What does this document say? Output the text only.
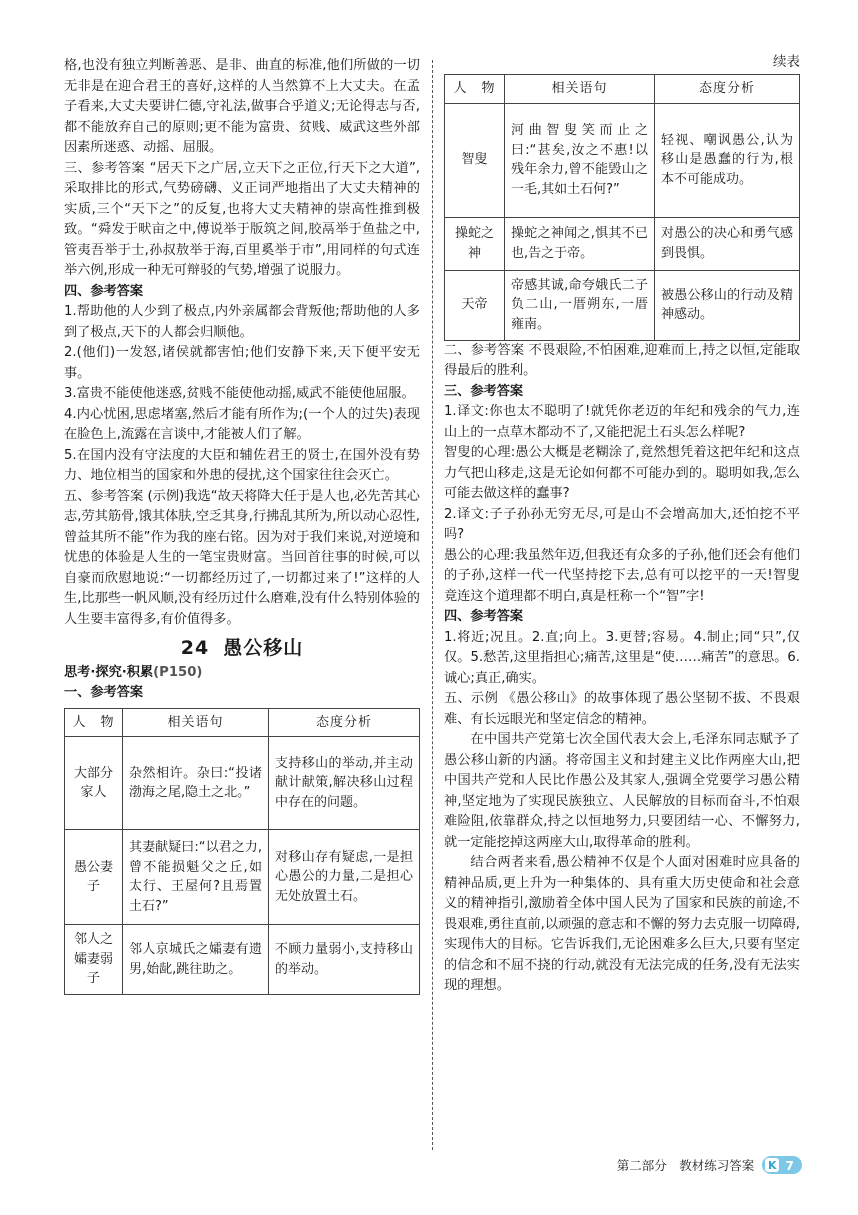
格,也没有独立判断善恶、是非、曲直的标准,他们所做的一切无非是在迎合君王的喜好,这样的人当然算不上大丈夫。在孟子看来,大丈夫要讲仁德,守礼法,做事合乎道义;无论得志与否,都不能放弃自己的原则;更不能为富贵、贫贱、威武这些外部因素所迷惑、动摇、屈服。

三、参考答案 “居天下之广居,立天下之正位,行天下之大道”,采取排比的形式,气势磅礴、义正词严地指出了大丈夫精神的实质,三个“天下之”的反复,也将大丈夫精神的崇高性推到极致。“舜发于畎亩之中,傅说举于版筑之间,胶鬲举于鱼盐之中,管夷吾举于士,孙叔敖举于海,百里奚举于市”,用同样的句式连举六例,形成一种无可辩驳的气势,增强了说服力。

四、参考答案

1.帮助他的人少到了极点,内外亲属都会背叛他;帮助他的人多到了极点,天下的人都会归顺他。

2.(他们)一发怒,诸侯就都害怕;他们安静下来,天下便平安无事。

3.富贵不能使他迷惑,贫贱不能使他动摇,威武不能使他屈服。

4.内心忧困,思虑堵塞,然后才能有所作为;(一个人的过失)表现在脸色上,流露在言谈中,才能被人们了解。

5.在国内没有守法度的大臣和辅佐君王的贤士,在国外没有势力、地位相当的国家和外患的侵扰,这个国家往往会灭亡。

五、参考答案 (示例)我选“故天将降大任于是人也,必先苦其心志,劳其筋骨,饿其体肤,空乏其身,行拂乱其所为,所以动心忍性,曾益其所不能”作为我的座右铭。因为对于我们来说,对逆境和忧患的体验是人生的一笔宝贵财富。当回首往事的时候,可以自豪而欣慰地说:“一切都经历过了,一切都过来了!”这样的人生,比那些一帆风顺,没有经历过什么磨难,没有什么特别体验的人生要丰富得多,有价值得多。

24 愚公移山
思考·探究·积累(P150)

一、参考答案

人　物	相关语句	态度分析
大部分家人	杂然相许。杂曰:“投诸渤海之尾,隐土之北。”	支持移山的举动,并主动献计献策,解决移山过程中存在的问题。
愚公妻子	其妻献疑曰:“以君之力,曾不能损魁父之丘,如太行、王屋何?且焉置土石?”	对移山存有疑虑,一是担心愚公的力量,二是担心无处放置土石。
邻人之孀妻弱子	邻人京城氏之孀妻有遗男,始龀,跳往助之。	不顾力量弱小,支持移山的举动。
续表
人　物	相关语句	态度分析
智叟	河曲智叟笑而止之曰:“甚矣,汝之不惠!以残年余力,曾不能毁山之一毛,其如土石何?”	轻视、嘲讽愚公,认为移山是愚蠢的行为,根本不可能成功。
操蛇之神	操蛇之神闻之,惧其不已也,告之于帝。	对愚公的决心和勇气感到畏惧。
天帝	帝感其诚,命夸娥氏二子负二山,一厝朔东,一厝雍南。	被愚公移山的行动及精神感动。

二、参考答案 不畏艰险,不怕困难,迎难而上,持之以恒,定能取得最后的胜利。

三、参考答案

1.译文:你也太不聪明了!就凭你老迈的年纪和残余的气力,连山上的一点草木都动不了,又能把泥土石头怎么样呢?

智叟的心理:愚公大概是老糊涂了,竟然想凭着这把年纪和这点力气把山移走,这是无论如何都不可能办到的。聪明如我,怎么可能去做这样的蠢事?

2.译文:子子孙孙无穷无尽,可是山不会增高加大,还怕挖不平吗?

愚公的心理:我虽然年迈,但我还有众多的子孙,他们还会有他们的子孙,这样一代一代坚持挖下去,总有可以挖平的一天!智叟竟连这个道理都不明白,真是枉称一个“智”字!

四、参考答案

1.将近;况且。2.直;向上。3.更替;容易。4.制止;同“只”,仅仅。5.愁苦,这里指担心;痛苦,这里是“使……痛苦”的意思。6.诚心;真正,确实。

五、示例 《愚公移山》的故事体现了愚公坚韧不拔、不畏艰难、有长远眼光和坚定信念的精神。

在中国共产党第七次全国代表大会上,毛泽东同志赋予了愚公移山新的内涵。将帝国主义和封建主义比作两座大山,把中国共产党和人民比作愚公及其家人,强调全党要学习愚公精神,坚定地为了实现民族独立、人民解放的目标而奋斗,不怕艰难险阻,依靠群众,持之以恒地努力,只要团结一心、不懈努力,就一定能挖掉这两座大山,取得革命的胜利。

结合两者来看,愚公精神不仅是个人面对困难时应具备的精神品质,更上升为一种集体的、具有重大历史使命和社会意义的精神指引,激励着全体中国人民为了国家和民族的前途,不畏艰难,勇往直前,以顽强的意志和不懈的努力去克服一切障碍,实现伟大的目标。它告诉我们,无论困难多么巨大,只要有坚定的信念和不屈不挠的行动,就没有无法完成的任务,没有无法实现的理想。

第二部分　教材练习答案 K 7
